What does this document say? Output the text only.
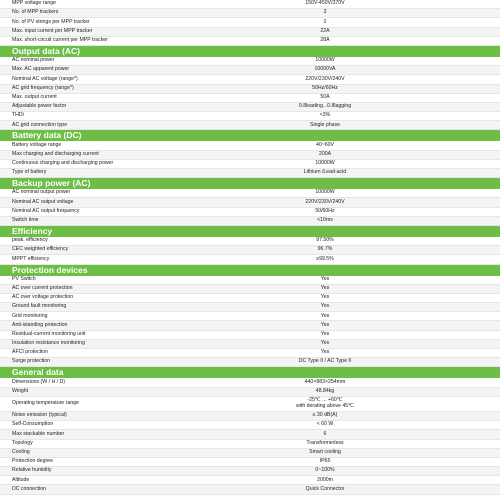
MPP voltage range	150V-450V/370V
No. of MPP trackers	3
No. of PV strings per MPP tracker	2
Max. input current per MPP tracker	22A
Max. short-circuit current per MPP tracker	28A
Output data (AC)
AC nominal power	10000W
Max. AC apparent power	10000VA
Nominal AC voltage (range*)	220V/230V/240V
AC grid frequency (range*)	50Hz/60Hz
Max. output current	50A
Adjustable power factor	0.8leading...0.8lagging
THDi	<3%
AC grid connection type	Single phase
Battery data (DC)
Battery voltage range	40~60V
Max charging and discharging current	200A
Continuous charging and discharging power	10000W
Type of battery	Lithium /Lead-acid
Backup power (AC)
AC nominal output power	10000W
Nominal AC output voltage	220V/230V/240V
Nominal AC output frequency	50/60Hz
Switch time	<10ms
Efficiency
peak. efficiency	97.50%
CEC weighted efficiency	96.7%
MPPT efficiency	≥99.5%
Protection devices
PV Switch	Yes
AC over current protection	Yes
AC over voltage protection	Yes
Ground fault monitoring	Yes
Grid monitoring	Yes
Anti-islanding protection	Yes
Residual-current monitoring unit	Yes
Insulation resistance monitoring	Yes
AFCI protection	Yes
Surge protection	DC Type II / AC Type II
General data
Dimensions (W / H / D)	440×883×254mm
Weight	48.84kg
Operating temperature range	-25℃ ... +60℃
with derating above 45℃
Noise emission (typical)	≤ 30 dB(A)
Self-Consumption	< 60 W
Max stackable number	6
Topology	Transformerless
Cooling	Smart cooling
Protection degree	IP65
Relative humidity	0~100%
Altitude	2000m
DC connection	Quick Connector
